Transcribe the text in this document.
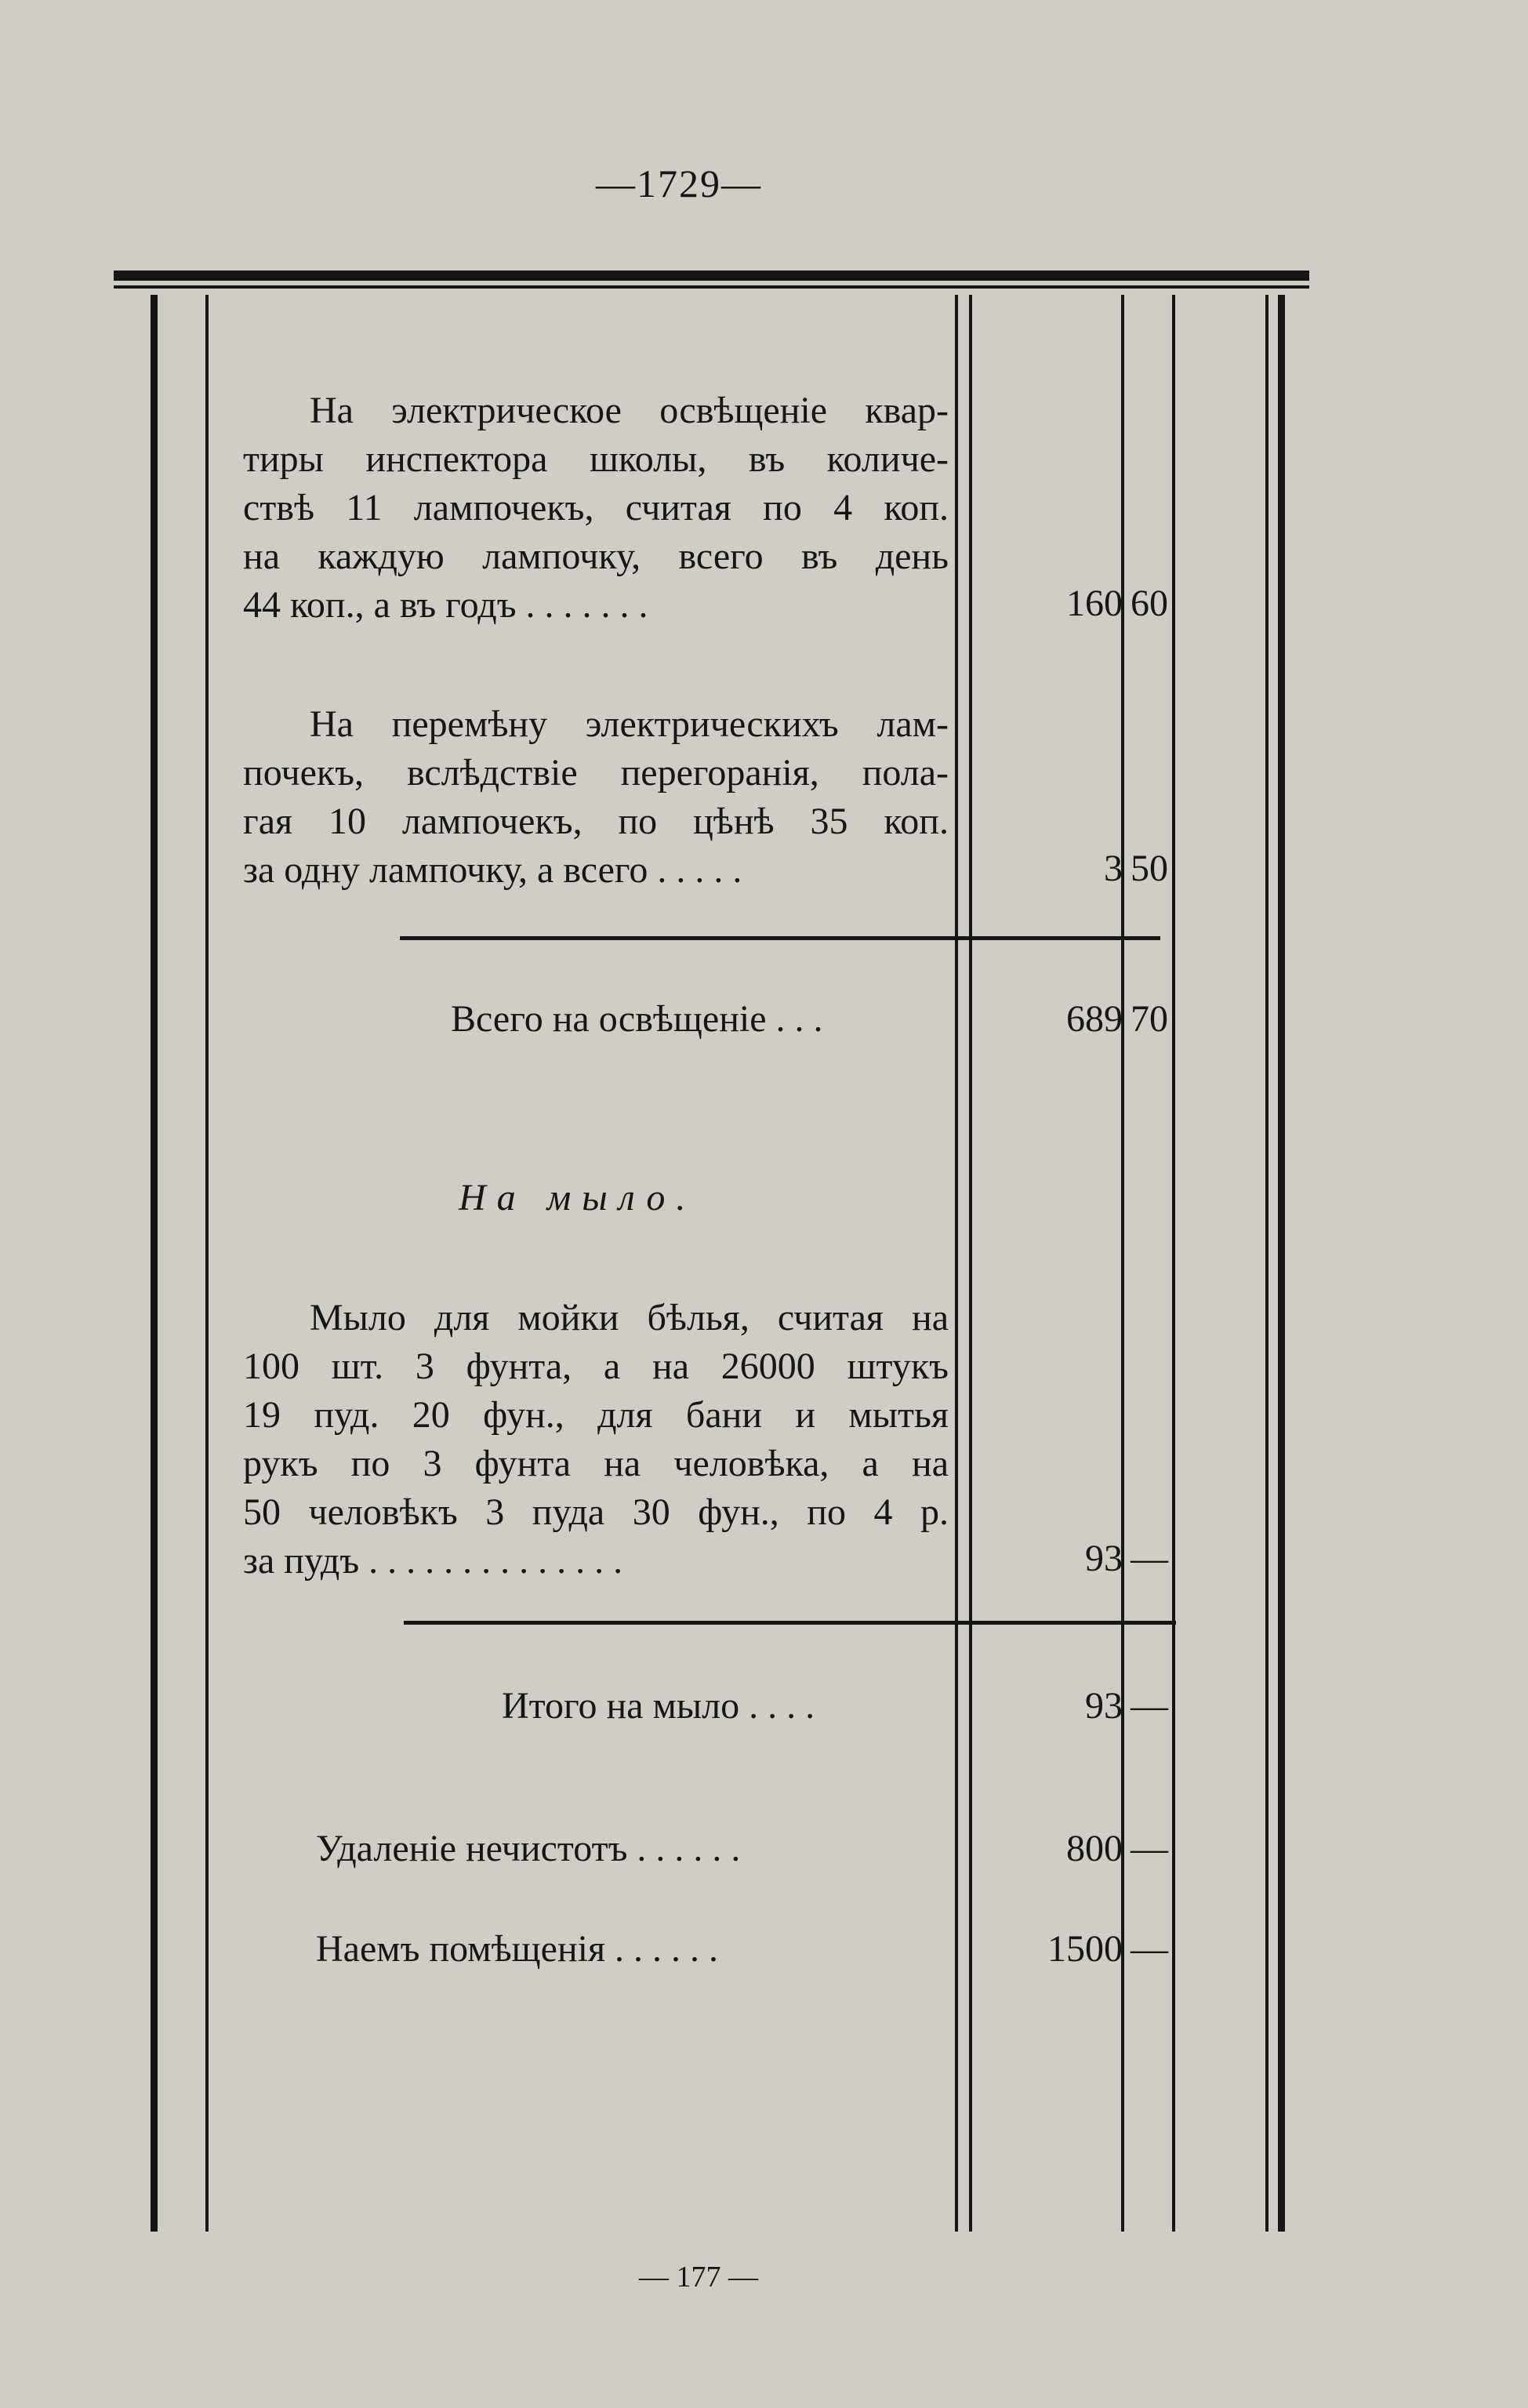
—1729—
На электрическое освѣщеніе квар-
тиры инспектора школы, въ количе-
ствѣ 11 лампочекъ, считая по 4 коп.
на каждую лампочку, всего въ день
44 коп., а въ годъ . . . . . . .	160 60
На перемѣну электрическихъ лам-
почекъ, вслѣдствіе перегоранія, пола-
гая 10 лампочекъ, по цѣнѣ 35 коп.
за одну лампочку, а всего . . . . .	3 50
Всего на освѣщеніе . . .	689 70
На мыло.
Мыло для мойки бѣлья, считая на
100 шт. 3 фунта, а на 26000 штукъ
19 пуд. 20 фун., для бани и мытья
рукъ по 3 фунта на человѣка, а на
50 человѣкъ 3 пуда 30 фун., по 4 р.
за пудъ . . . . . . . . . . . . . .	93 —
Итого на мыло . . . .	93 —
Удаленіе нечистотъ . . . . . .	800 —
Наемъ помѣщенія . . . . . .	1500 —
— 177 —
